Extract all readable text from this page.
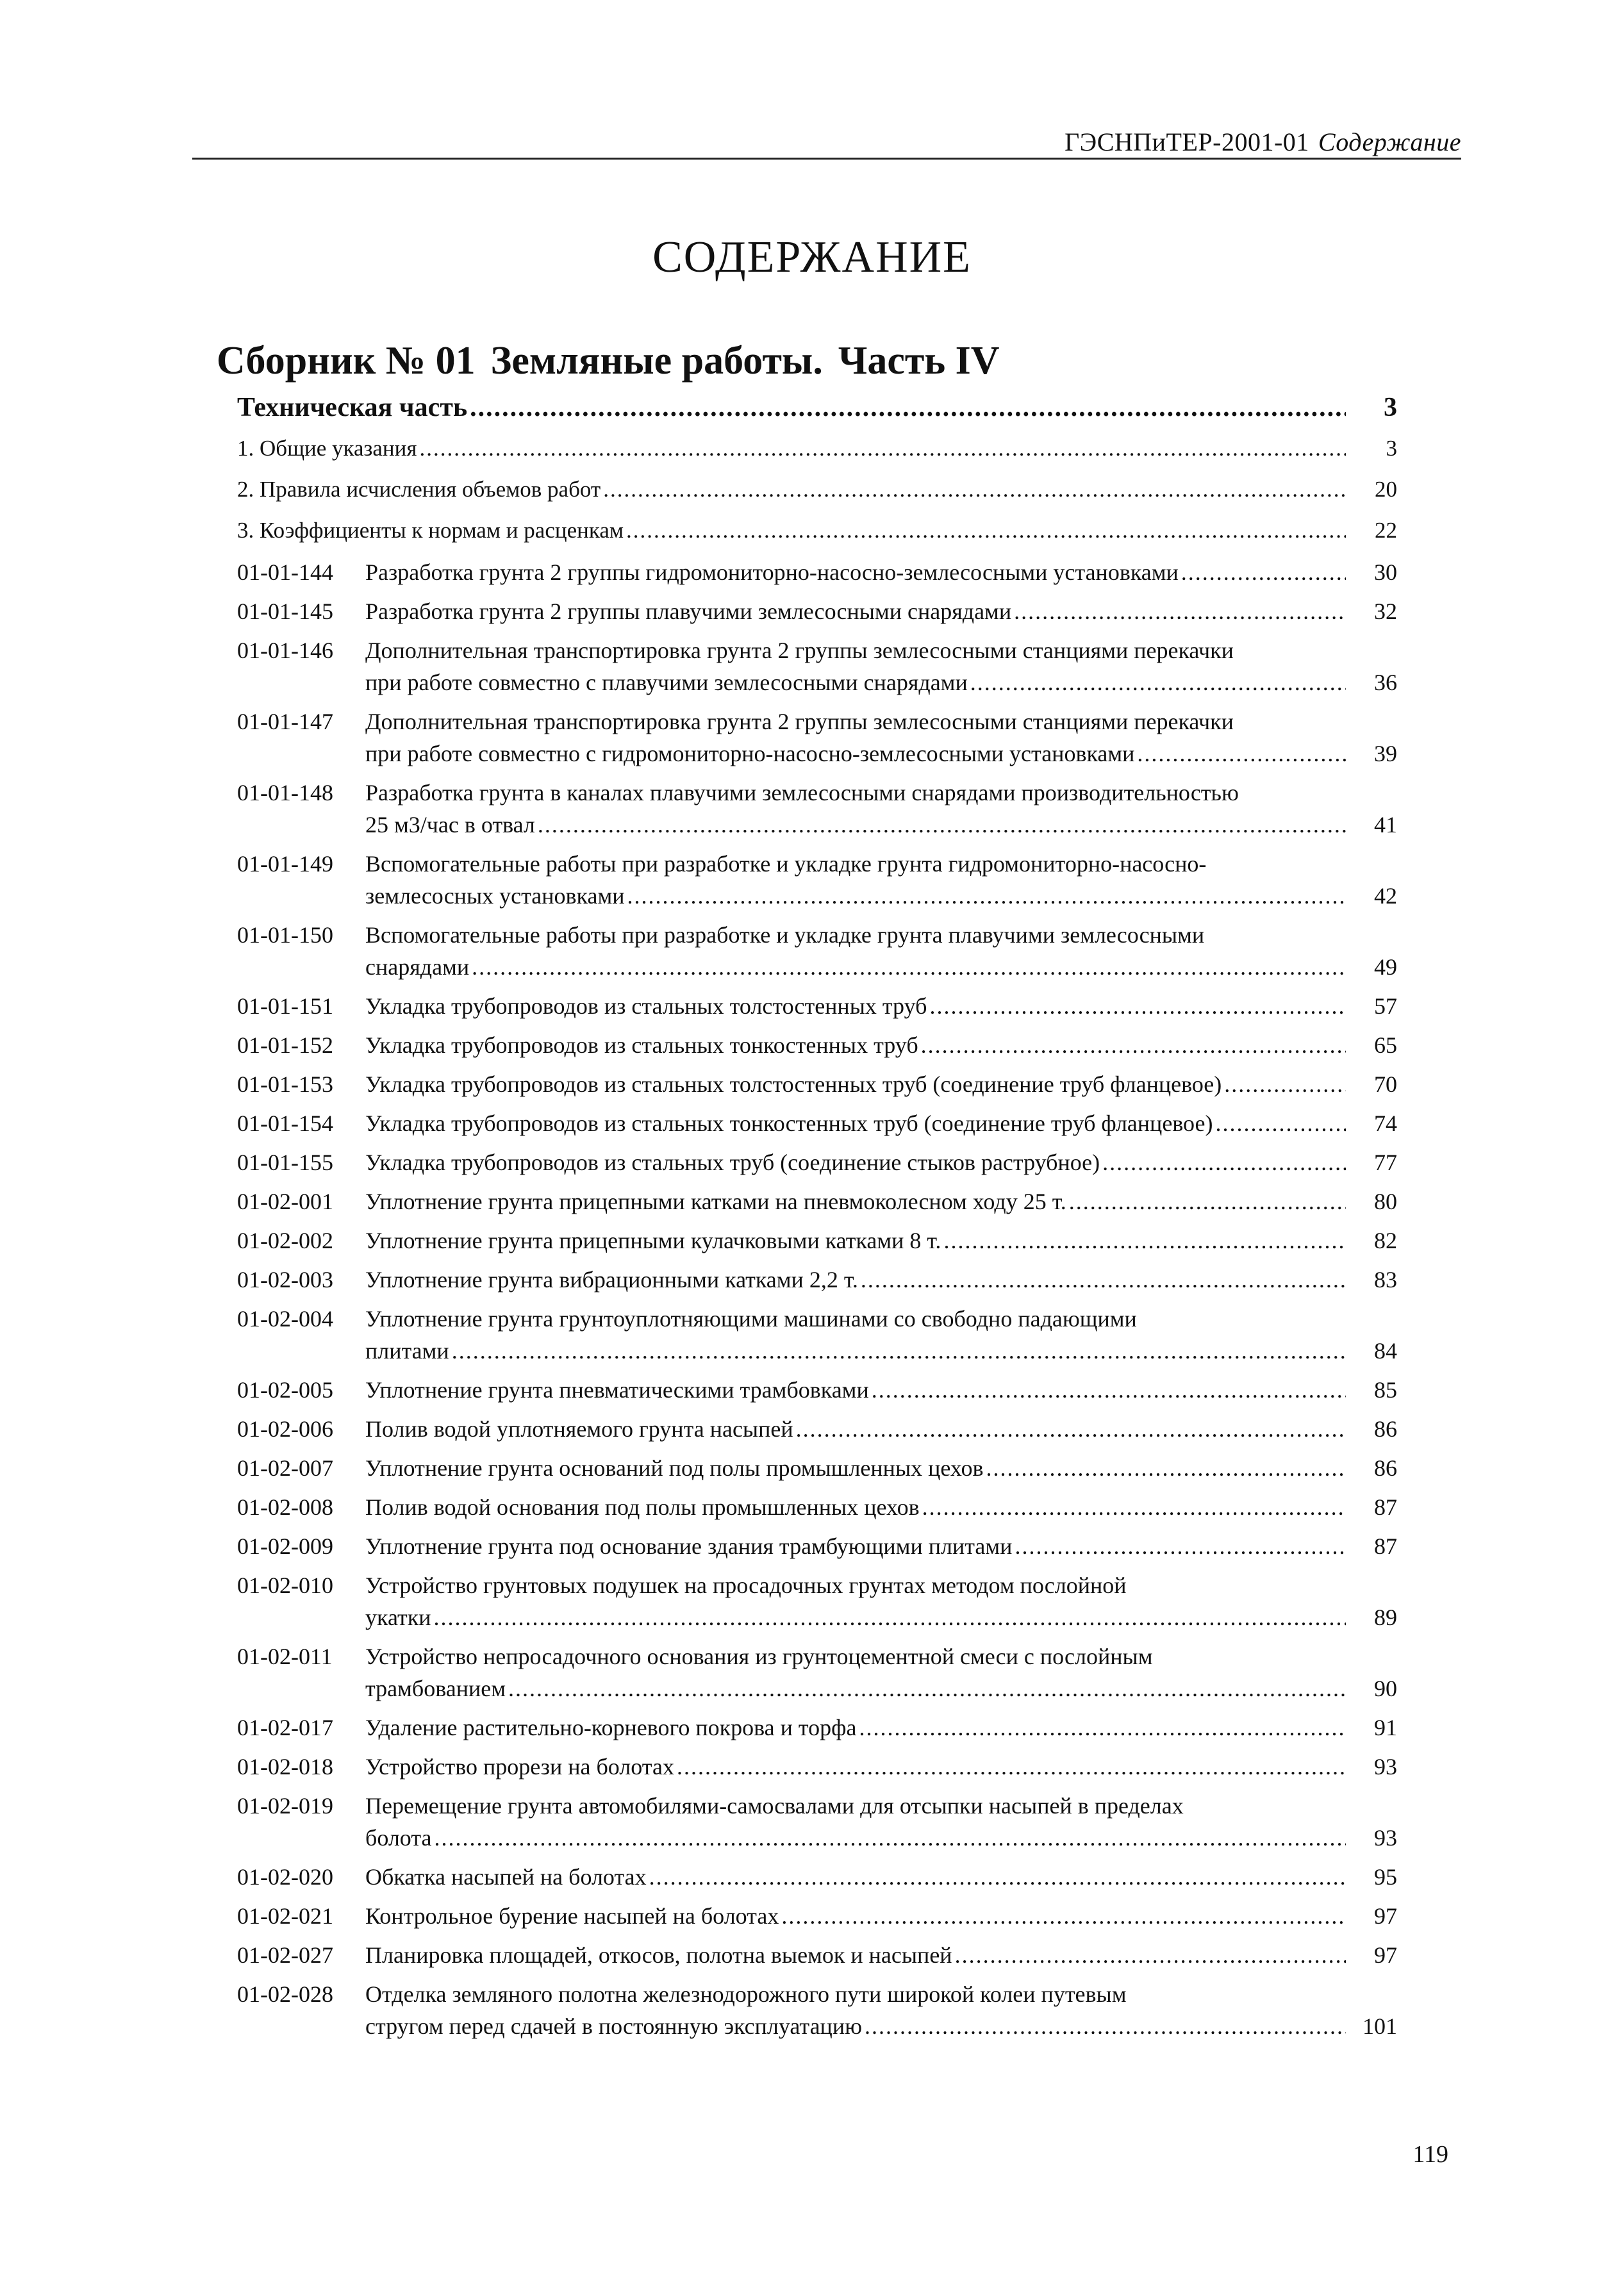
ГЭСНПиТЕР-2001-01 Содержание
СОДЕРЖАНИЕ
Сборник № 01 Земляные работы. Часть IV
Техническая часть .....	3
1. Общие указания .....	3
2. Правила исчисления объемов работ .....	20
3. Коэффициенты к нормам и расценкам .....	22
01-01-144	Разработка грунта 2 группы гидромониторно-насосно-землесосными установками .....	30
01-01-145	Разработка грунта 2 группы плавучими землесосными снарядами .....	32
01-01-146	Дополнительная транспортировка грунта 2 группы землесосными станциями перекачки
при работе совместно с плавучими землесосными снарядами .....	36
01-01-147	Дополнительная транспортировка грунта 2 группы землесосными станциями перекачки
при работе совместно с гидромониторно-насосно-землесосными установками .....	39
01-01-148	Разработка грунта в каналах плавучими землесосными снарядами производительностью
25 м3/час в отвал .....	41
01-01-149	Вспомогательные работы при разработке и укладке грунта гидромониторно-насосно-
землесосных установками .....	42
01-01-150	Вспомогательные работы при разработке и укладке грунта плавучими землесосными
снарядами .....	49
01-01-151	Укладка трубопроводов из стальных толстостенных труб .....	57
01-01-152	Укладка трубопроводов из стальных тонкостенных труб .....	65
01-01-153	Укладка трубопроводов из стальных толстостенных труб (соединение труб фланцевое) .....	70
01-01-154	Укладка трубопроводов из стальных тонкостенных труб (соединение труб фланцевое) .....	74
01-01-155	Укладка трубопроводов из стальных труб (соединение стыков раструбное) .....	77
01-02-001	Уплотнение грунта прицепными катками на пневмоколесном ходу 25 т. .....	80
01-02-002	Уплотнение грунта прицепными кулачковыми катками 8 т. .....	82
01-02-003	Уплотнение грунта вибрационными катками 2,2 т. .....	83
01-02-004	Уплотнение грунта грунтоуплотняющими машинами со свободно падающими
плитами .....	84
01-02-005	Уплотнение грунта пневматическими трамбовками .....	85
01-02-006	Полив водой уплотняемого грунта насыпей .....	86
01-02-007	Уплотнение грунта оснований под полы промышленных цехов .....	86
01-02-008	Полив водой основания под полы промышленных цехов .....	87
01-02-009	Уплотнение грунта под основание здания трамбующими плитами .....	87
01-02-010	Устройство грунтовых подушек на просадочных грунтах методом послойной
укатки .....	89
01-02-011	Устройство непросадочного основания из грунтоцементной смеси с послойным
трамбованием .....	90
01-02-017	Удаление растительно-корневого покрова и торфа .....	91
01-02-018	Устройство прорези на болотах .....	93
01-02-019	Перемещение грунта автомобилями-самосвалами для отсыпки насыпей в пределах
болота .....	93
01-02-020	Обкатка насыпей на болотах .....	95
01-02-021	Контрольное бурение насыпей на болотах .....	97
01-02-027	Планировка площадей, откосов, полотна выемок и насыпей .....	97
01-02-028	Отделка земляного полотна железнодорожного пути широкой колеи путевым
стругом перед сдачей в постоянную эксплуатацию .....	101
119
